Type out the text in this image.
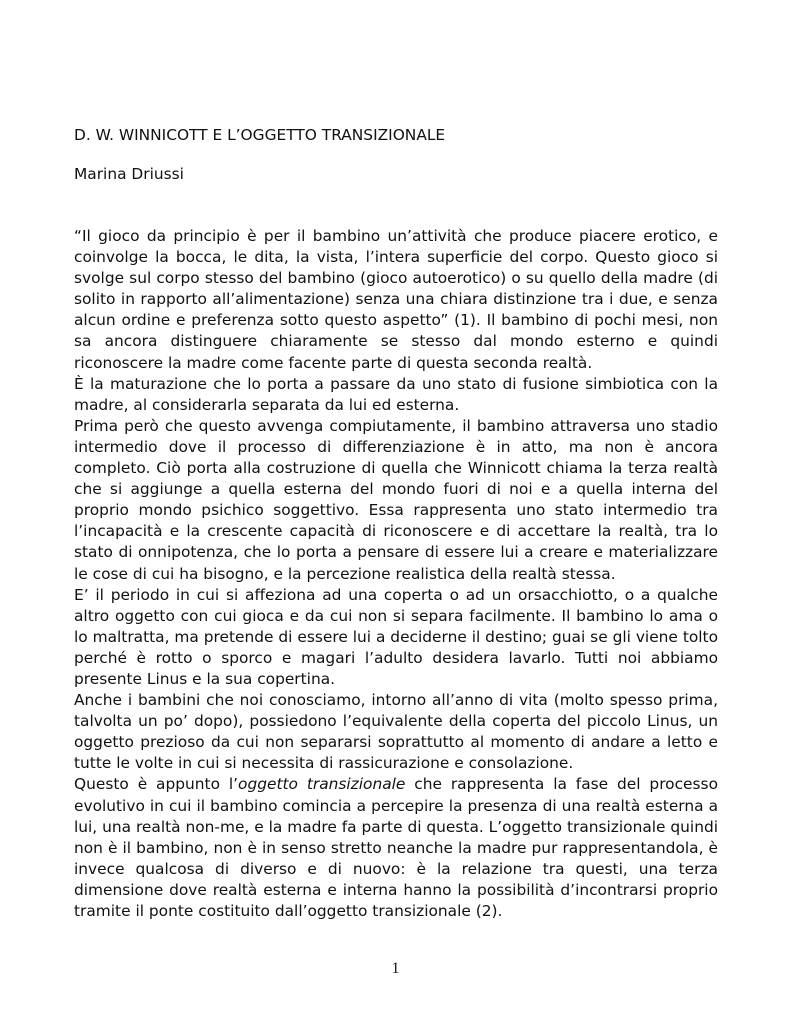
D. W. WINNICOTT E L’OGGETTO TRANSIZIONALE
Marina Driussi

“Il gioco da principio è per il bambino un’attività che produce piacere erotico, e coinvolge la bocca, le dita, la vista, l’intera superficie del corpo. Questo gioco si svolge sul corpo stesso del bambino (gioco autoerotico) o su quello della madre (di solito in rapporto all’alimentazione) senza una chiara distinzione tra i due, e senza alcun ordine e preferenza sotto questo aspetto” (1). Il bambino di pochi mesi, non sa ancora distinguere chiaramente se stesso dal mondo esterno e quindi riconoscere la madre come facente parte di questa seconda realtà.

È la maturazione che lo porta a passare da uno stato di fusione simbiotica con la madre, al considerarla separata da lui ed esterna.

Prima però che questo avvenga compiutamente, il bambino attraversa uno stadio intermedio dove il processo di differenziazione è in atto, ma non è ancora completo. Ciò porta alla costruzione di quella che Winnicott chiama la terza realtà che si aggiunge a quella esterna del mondo fuori di noi e a quella interna del proprio mondo psichico soggettivo. Essa rappresenta uno stato intermedio tra l’incapacità e la crescente capacità di riconoscere e di accettare la realtà, tra lo stato di onnipotenza, che lo porta a pensare di essere lui a creare e materializzare le cose di cui ha bisogno, e la percezione realistica della realtà stessa.

E’ il periodo in cui si affeziona ad una coperta o ad un orsacchiotto, o a qualche altro oggetto con cui gioca e da cui non si separa facilmente. Il bambino lo ama o lo maltratta, ma pretende di essere lui a deciderne il destino; guai se gli viene tolto perché è rotto o sporco e magari l’adulto desidera lavarlo. Tutti noi abbiamo presente Linus e la sua copertina.

Anche i bambini che noi conosciamo, intorno all’anno di vita (molto spesso prima, talvolta un po’ dopo), possiedono l’equivalente della coperta del piccolo Linus, un oggetto prezioso da cui non separarsi soprattutto al momento di andare a letto e tutte le volte in cui si necessita di rassicurazione e consolazione.

Questo è appunto l’oggetto transizionale che rappresenta la fase del processo evolutivo in cui il bambino comincia a percepire la presenza di una realtà esterna a lui, una realtà non-me, e la madre fa parte di questa. L’oggetto transizionale quindi non è il bambino, non è in senso stretto neanche la madre pur rappresentandola, è invece qualcosa di diverso e di nuovo: è la relazione tra questi, una terza dimensione dove realtà esterna e interna hanno la possibilità d’incontrarsi proprio tramite il ponte costituito dall’oggetto transizionale (2).

1
